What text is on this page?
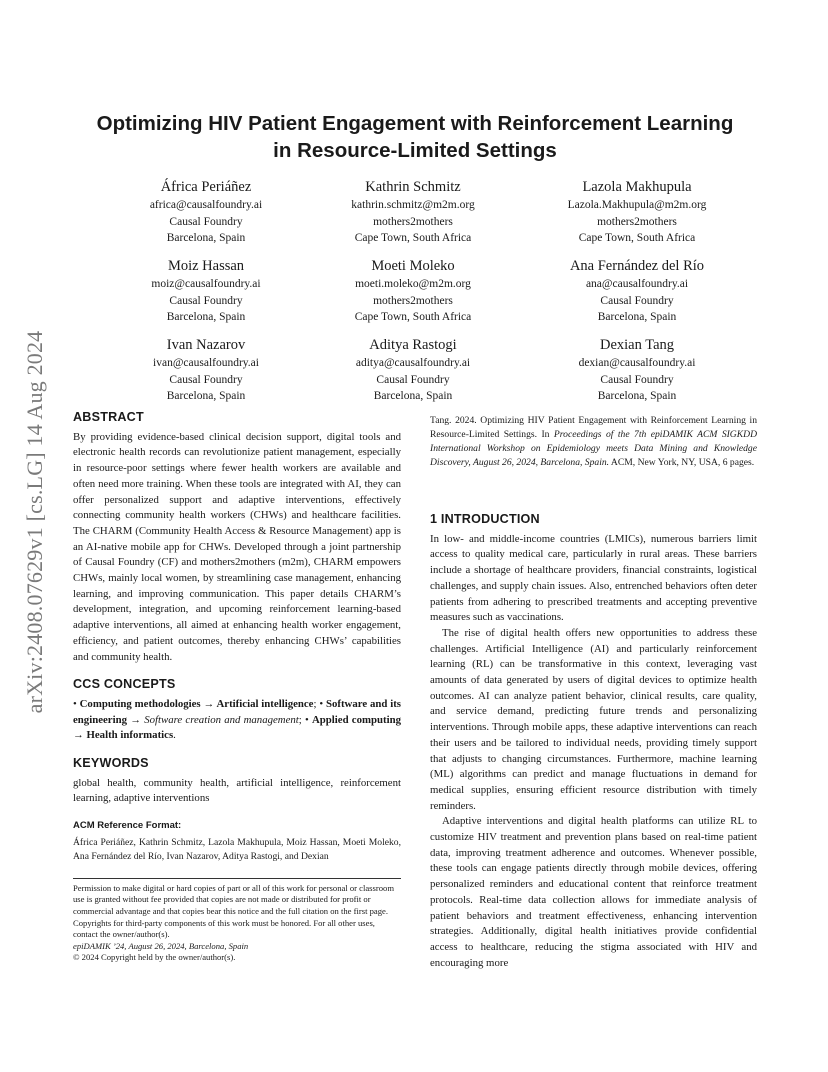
arXiv:2408.07629v1 [cs.LG] 14 Aug 2024
Optimizing HIV Patient Engagement with Reinforcement Learning in Resource-Limited Settings
África Periáñez
africa@causalfoundry.ai
Causal Foundry
Barcelona, Spain
Kathrin Schmitz
kathrin.schmitz@m2m.org
mothers2mothers
Cape Town, South Africa
Lazola Makhupula
Lazola.Makhupula@m2m.org
mothers2mothers
Cape Town, South Africa
Moiz Hassan
moiz@causalfoundry.ai
Causal Foundry
Barcelona, Spain
Moeti Moleko
moeti.moleko@m2m.org
mothers2mothers
Cape Town, South Africa
Ana Fernández del Río
ana@causalfoundry.ai
Causal Foundry
Barcelona, Spain
Ivan Nazarov
ivan@causalfoundry.ai
Causal Foundry
Barcelona, Spain
Aditya Rastogi
aditya@causalfoundry.ai
Causal Foundry
Barcelona, Spain
Dexian Tang
dexian@causalfoundry.ai
Causal Foundry
Barcelona, Spain
ABSTRACT

By providing evidence-based clinical decision support, digital tools and electronic health records can revolutionize patient management, especially in resource-poor settings where fewer health workers are available and often need more training. When these tools are integrated with AI, they can offer personalized support and adaptive interventions, effectively connecting community health workers (CHWs) and healthcare facilities. The CHARM (Community Health Access & Resource Management) app is an AI-native mobile app for CHWs. Developed through a joint partnership of Causal Foundry (CF) and mothers2mothers (m2m), CHARM empowers CHWs, mainly local women, by streamlining case management, enhancing learning, and improving communication. This paper details CHARM’s development, integration, and upcoming reinforcement learning-based adaptive interventions, all aimed at enhancing health worker engagement, efficiency, and patient outcomes, thereby enhancing CHWs’ capabilities and community health.

CCS CONCEPTS

• Computing methodologies → Artificial intelligence; • Software and its engineering → Software creation and management; • Applied computing → Health informatics.

KEYWORDS

global health, community health, artificial intelligence, reinforcement learning, adaptive interventions

ACM Reference Format:

África Periáñez, Kathrin Schmitz, Lazola Makhupula, Moiz Hassan, Moeti Moleko, Ana Fernández del Río, Ivan Nazarov, Aditya Rastogi, and Dexian

Permission to make digital or hard copies of part or all of this work for personal or classroom use is granted without fee provided that copies are not made or distributed for profit or commercial advantage and that copies bear this notice and the full citation on the first page. Copyrights for third-party components of this work must be honored. For all other uses, contact the owner/author(s).
epiDAMIK ’24, August 26, 2024, Barcelona, Spain
© 2024 Copyright held by the owner/author(s).

Tang. 2024. Optimizing HIV Patient Engagement with Reinforcement Learning in Resource-Limited Settings. In Proceedings of the 7th epiDAMIK ACM SIGKDD International Workshop on Epidemiology meets Data Mining and Knowledge Discovery, August 26, 2024, Barcelona, Spain. ACM, New York, NY, USA, 6 pages.

1 INTRODUCTION

In low- and middle-income countries (LMICs), numerous barriers limit access to quality medical care, particularly in rural areas. These barriers include a shortage of healthcare providers, financial constraints, logistical challenges, and supply chain issues. Also, entrenched behaviors often deter patients from adhering to prescribed treatments and accepting preventive measures such as vaccinations.

The rise of digital health offers new opportunities to address these challenges. Artificial Intelligence (AI) and particularly reinforcement learning (RL) can be transformative in this context, leveraging vast amounts of data generated by users of digital devices to optimize health outcomes. AI can analyze patient behavior, clinical results, care quality, and service demand, predicting future trends and personalizing interventions. Through mobile apps, these adaptive interventions can reach their users and be tailored to individual needs, providing timely support that adjusts to changing circumstances. Furthermore, machine learning (ML) algorithms can predict and manage fluctuations in demand for medical supplies, ensuring efficient resource distribution with timely reminders.

Adaptive interventions and digital health platforms can utilize RL to customize HIV treatment and prevention plans based on real-time patient data, improving treatment adherence and outcomes. Whenever possible, these tools can engage patients directly through mobile devices, offering personalized reminders and educational content that reinforce treatment protocols. Real-time data collection allows for immediate analysis of patient behaviors and treatment effectiveness, enhancing intervention strategies. Additionally, digital health initiatives provide confidential access to healthcare, reducing the stigma associated with HIV and encouraging more
